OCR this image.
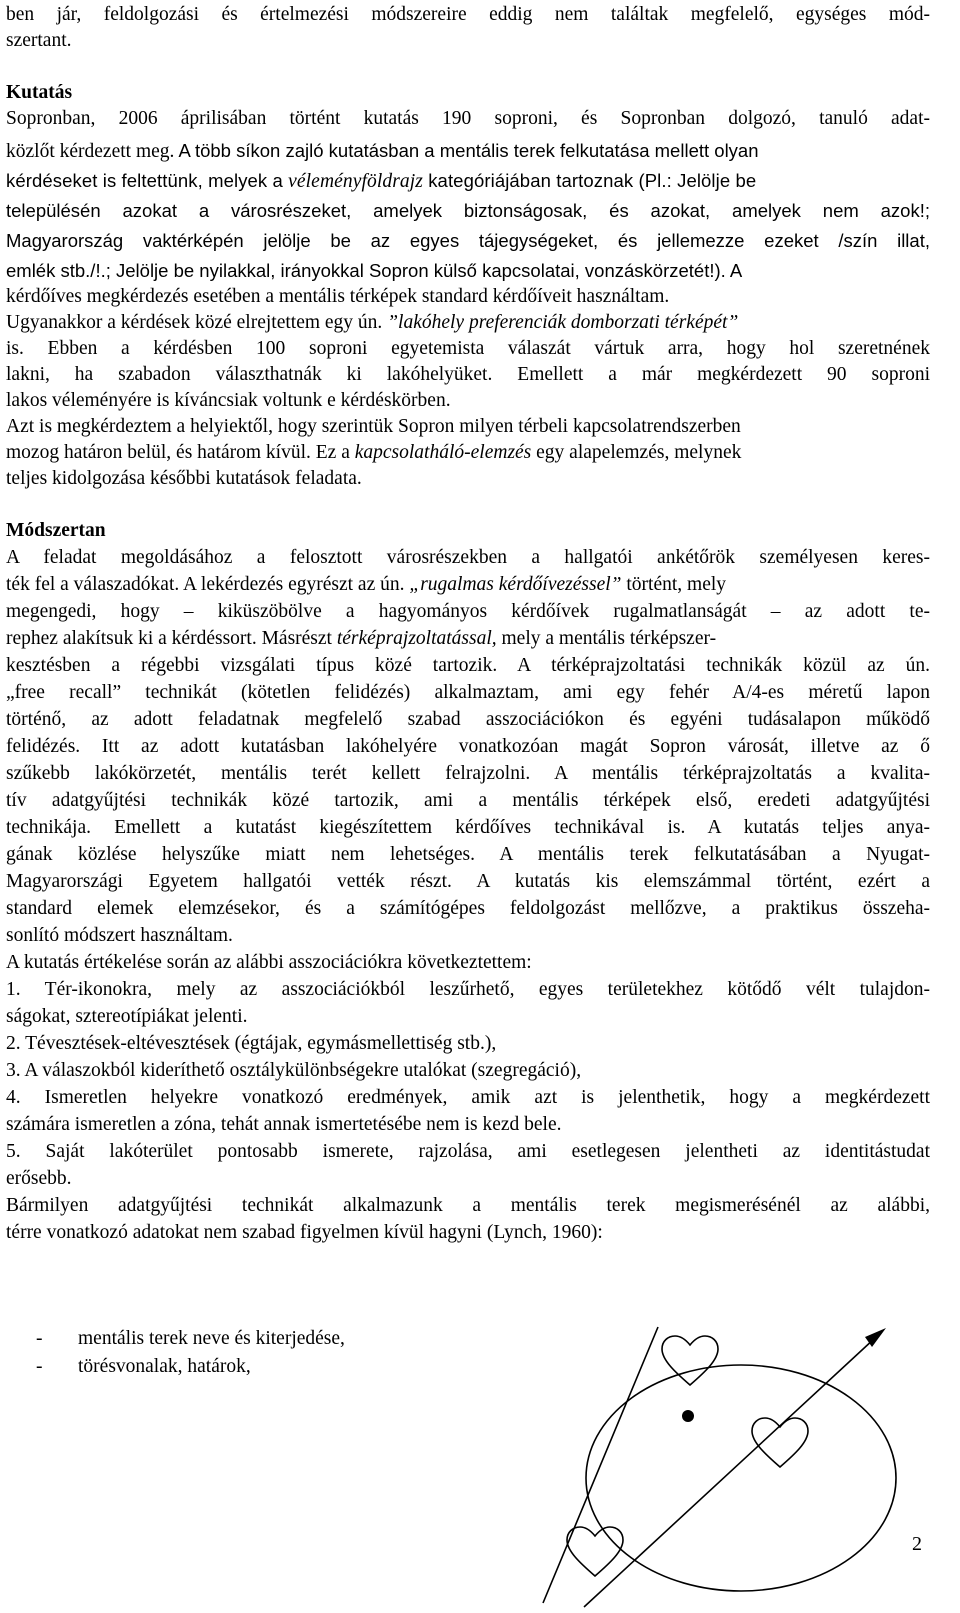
ben jár, feldolgozási és értelmezési módszereire eddig nem találtak megfelelő, egységes mód-
szertant.
Kutatás
Sopronban, 2006 áprilisában történt kutatás 190 soproni, és Sopronban dolgozó, tanuló adat-
közlőt kérdezett meg. A több síkon zajló kutatásban a mentális terek felkutatása mellett olyan
kérdéseket is feltettünk, melyek a véleményföldrajz kategóriájában tartoznak (Pl.: Jelölje be
településén azokat a városrészeket, amelyek biztonságosak, és azokat, amelyek nem azok!;
Magyarország vaktérképén jelölje be az egyes tájegységeket, és jellemezze ezeket /szín illat,
emlék stb./!.; Jelölje be nyilakkal, irányokkal Sopron külső kapcsolatai, vonzáskörzetét!). A
kérdőíves megkérdezés esetében a mentális térképek standard kérdőíveit használtam.
Ugyanakkor a kérdések közé elrejtettem egy ún. ”lakóhely preferenciák domborzati térképét”
is. Ebben a kérdésben 100 soproni egyetemista válaszát vártuk arra, hogy hol szeretnének
lakni, ha szabadon választhatnák ki lakóhelyüket. Emellett a már megkérdezett 90 soproni
lakos véleményére is kíváncsiak voltunk e kérdéskörben.
Azt is megkérdeztem a helyiektől, hogy szerintük Sopron milyen térbeli kapcsolatrendszerben
mozog határon belül, és határom kívül. Ez a kapcsolatháló-elemzés egy alapelemzés, melynek
teljes kidolgozása későbbi kutatások feladata.
Módszertan
A feladat megoldásához a felosztott városrészekben a hallgatói ankétőrök személyesen keres-
ték fel a válaszadókat. A lekérdezés egyrészt az ún. „rugalmas kérdőívezéssel” történt, mely
megengedi, hogy – kiküszöbölve a hagyományos kérdőívek rugalmatlanságát – az adott te-
rephez alakítsuk ki a kérdéssort. Másrészt térképrajzoltatással, mely a mentális térképszer-
kesztésben a régebbi vizsgálati típus közé tartozik. A térképrajzoltatási technikák közül az ún.
„free recall” technikát (kötetlen felidézés) alkalmaztam, ami egy fehér A/4-es méretű lapon
történő, az adott feladatnak megfelelő szabad asszociációkon és egyéni tudásalapon működő
felidézés. Itt az adott kutatásban lakóhelyére vonatkozóan magát Sopron városát, illetve az ő
szűkebb lakókörzetét, mentális terét kellett felrajzolni. A mentális térképrajzoltatás a kvalita-
tív adatgyűjtési technikák közé tartozik, ami a mentális térképek első, eredeti adatgyűjtési
technikája. Emellett a kutatást kiegészítettem kérdőíves technikával is. A kutatás teljes anya-
gának közlése helyszűke miatt nem lehetséges. A mentális terek felkutatásában a Nyugat-
Magyarországi Egyetem hallgatói vették részt. A kutatás kis elemszámmal történt, ezért a
standard elemek elemzésekor, és a számítógépes feldolgozást mellőzve, a praktikus összeha-
sonlító módszert használtam.
A kutatás értékelése során az alábbi asszociációkra következtettem:
1. Tér-ikonokra, mely az asszociációkból leszűrhető, egyes területekhez kötődő vélt tulajdon-
ságokat, sztereotípiákat jelenti.
2. Tévesztések-eltévesztések (égtájak, egymásmellettiség stb.),
3. A válaszokból kideríthető osztálykülönbségekre utalókat (szegregáció),
4. Ismeretlen helyekre vonatkozó eredmények, amik azt is jelenthetik, hogy a megkérdezett
számára ismeretlen a zóna, tehát annak ismertetésébe nem is kezd bele.
5. Saját lakóterület pontosabb ismerete, rajzolása, ami esetlegesen jelentheti az identitástudat
erősebb.
Bármilyen adatgyűjtési technikát alkalmazunk a mentális terek megismerésénél az alábbi,
térre vonatkozó adatokat nem szabad figyelmen kívül hagyni (Lynch, 1960):
- mentális terek neve és kiterjedése,
- törésvonalak, határok,
2
